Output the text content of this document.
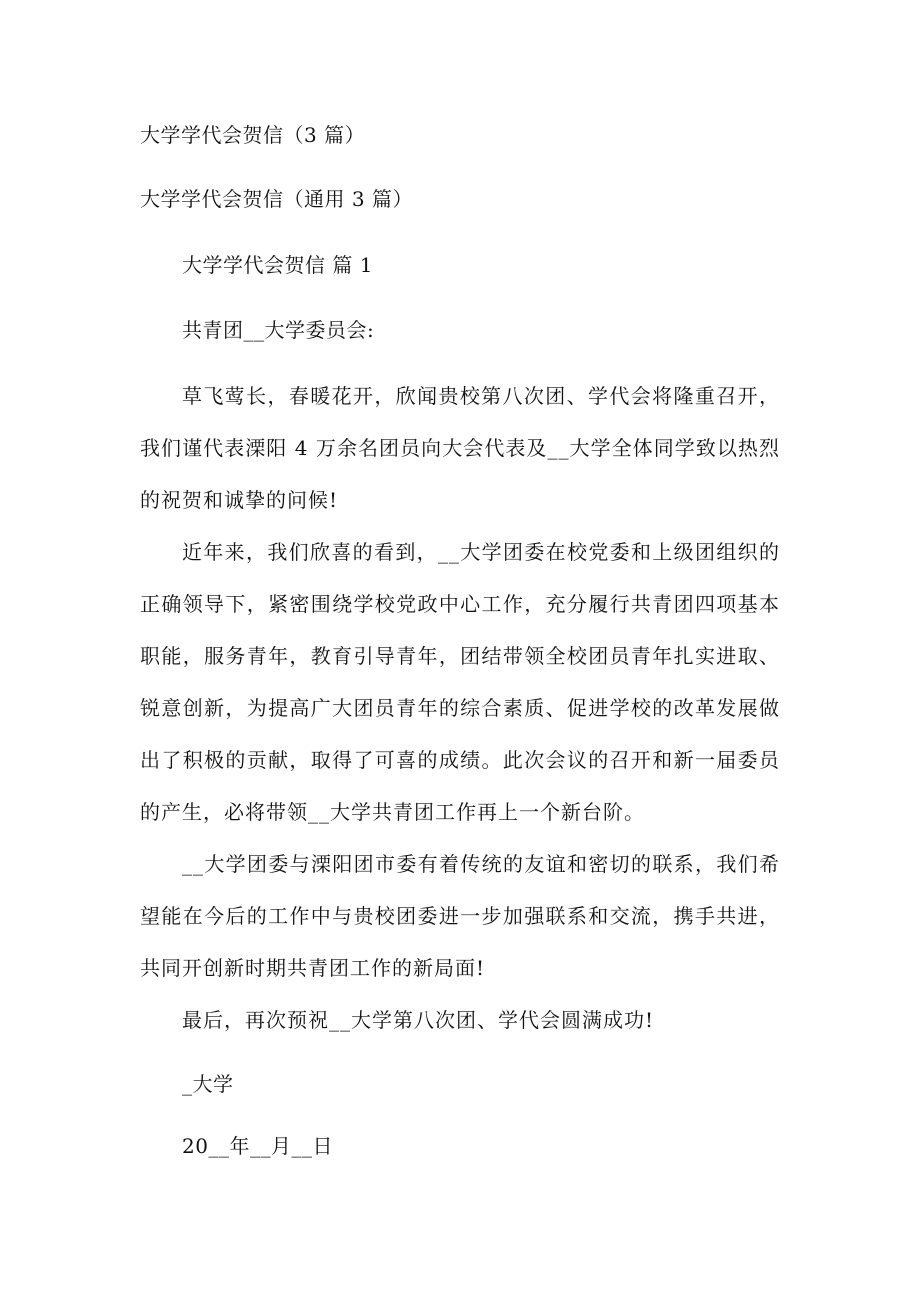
大学学代会贺信（3 篇）
大学学代会贺信（通用 3 篇）
大学学代会贺信 篇 1
共青团__大学委员会:
草飞莺长，春暖花开，欣闻贵校第八次团、学代会将隆重召开，我们谨代表溧阳 4 万余名团员向大会代表及__大学全体同学致以热烈的祝贺和诚挚的问候!
近年来，我们欣喜的看到，__大学团委在校党委和上级团组织的正确领导下，紧密围绕学校党政中心工作，充分履行共青团四项基本职能，服务青年，教育引导青年，团结带领全校团员青年扎实进取、锐意创新，为提高广大团员青年的综合素质、促进学校的改革发展做出了积极的贡献，取得了可喜的成绩。此次会议的召开和新一届委员的产生，必将带领__大学共青团工作再上一个新台阶。
__大学团委与溧阳团市委有着传统的友谊和密切的联系，我们希望能在今后的工作中与贵校团委进一步加强联系和交流，携手共进，共同开创新时期共青团工作的新局面!
最后，再次预祝__大学第八次团、学代会圆满成功!
_大学
20__年__月__日
